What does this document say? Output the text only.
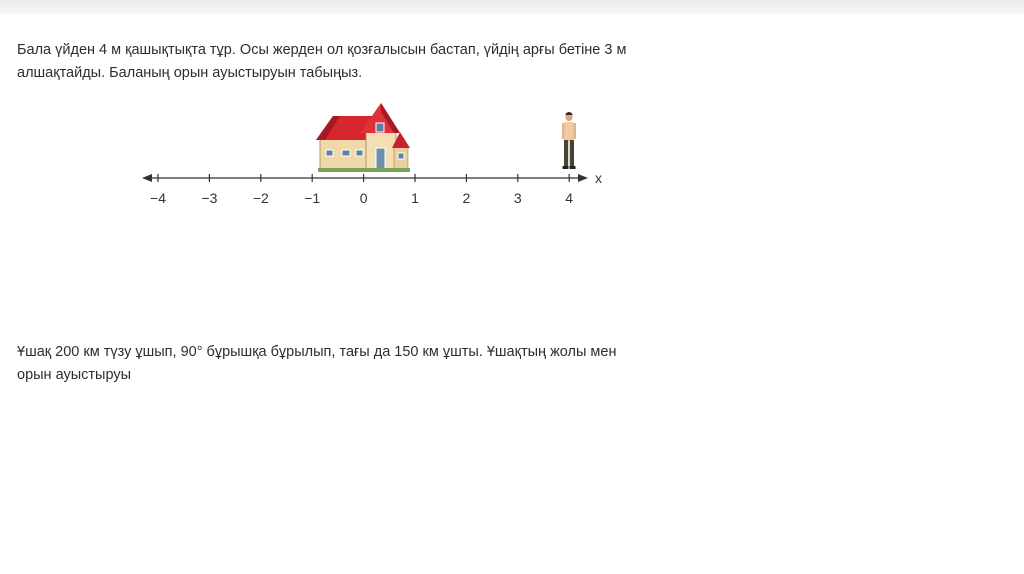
Бала үйден 4 м қашықтықта тұр. Осы жерден ол қозғалысын бастап, үйдің арғы бетіне 3 м
алшақтайды. Баланың орын ауыстыруын табыңыз.
−4	−3	−2	−1	0	1	2	3	4
x
Ұшақ 200 км түзу ұшып, 90° бұрышқа бұрылып, тағы да 150 км ұшты. Ұшақтың жолы мен
орын ауыстыруы
